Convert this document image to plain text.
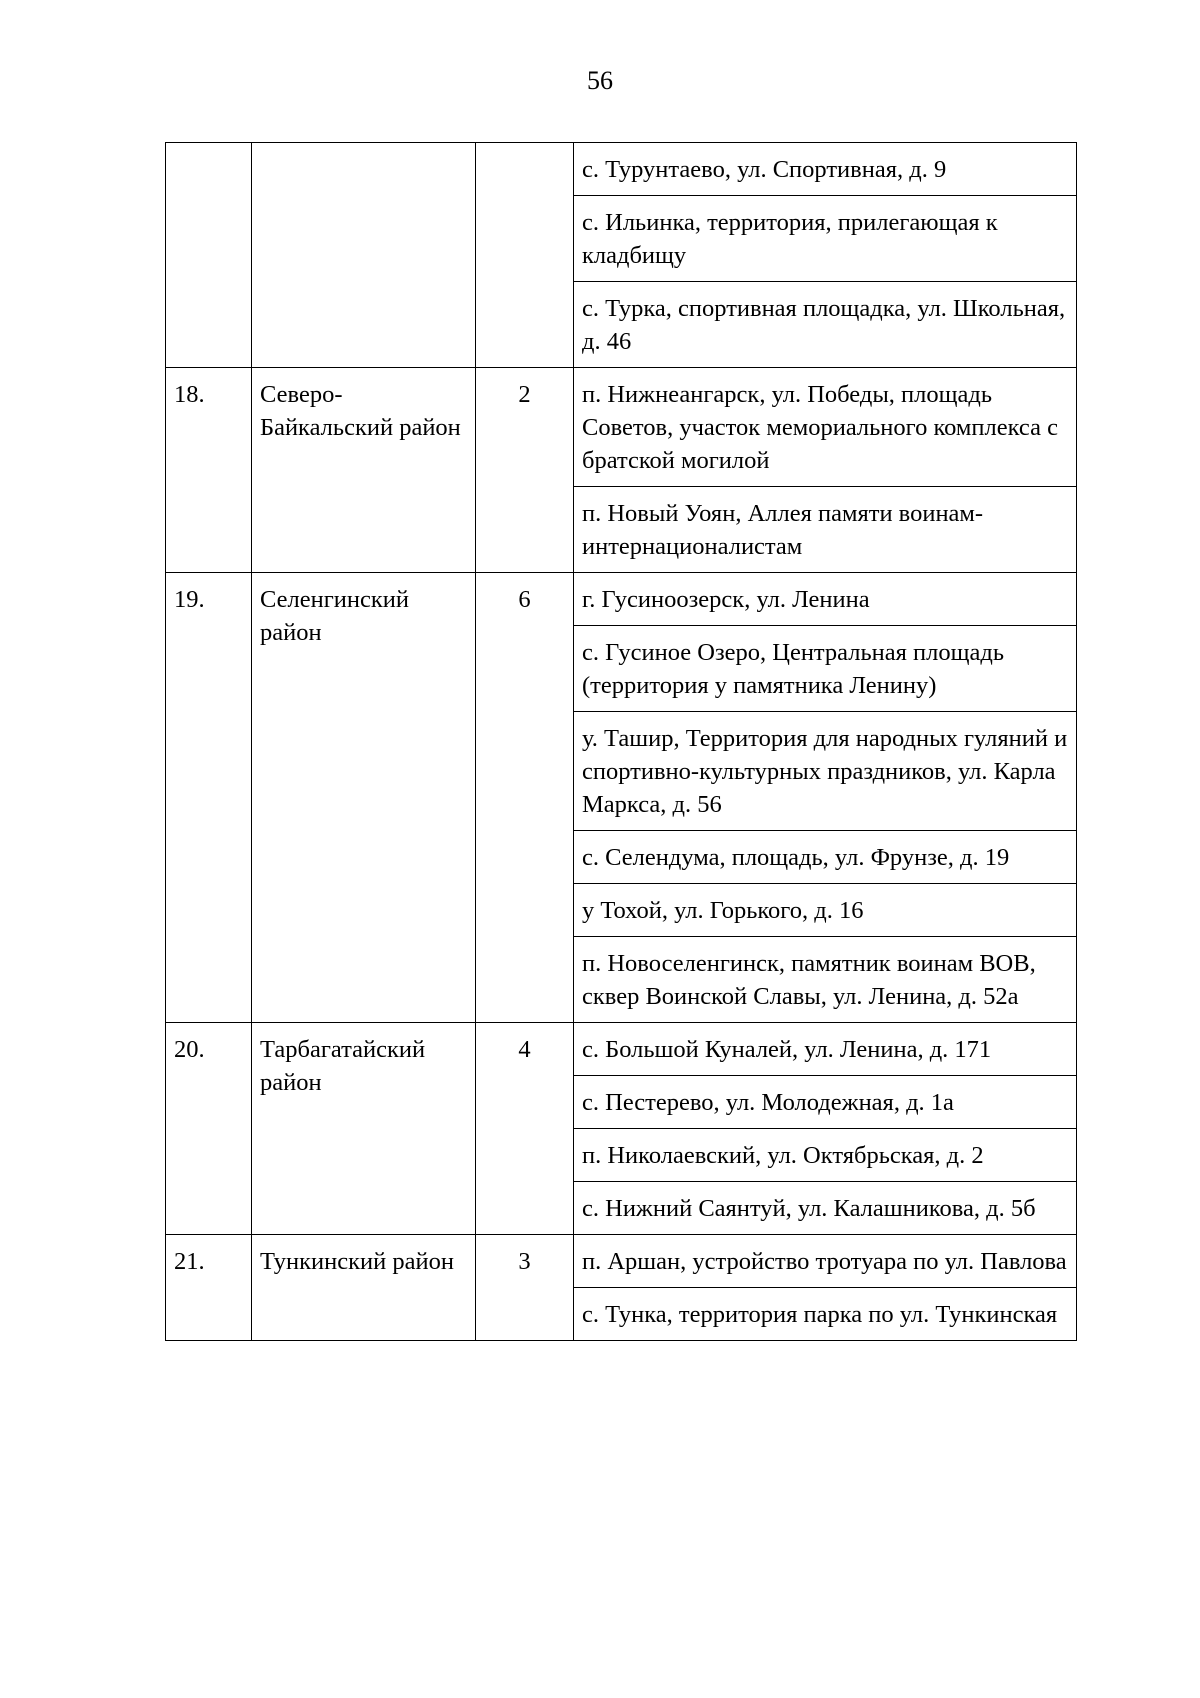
56
			с. Турунтаево, ул. Спортивная, д. 9
			с. Ильинка, территория, прилегающая к кладбищу
			с. Турка, спортивная площадка, ул. Школьная, д. 46
18.	Северо-Байкальский район	2	п. Нижнеангарск, ул. Победы, площадь Советов, участок мемориального комплекса с братской могилой
			п. Новый Уоян, Аллея памяти воинам-интернационалистам
19.	Селенгинский район	6	г. Гусиноозерск, ул. Ленина
			с. Гусиное Озеро, Центральная площадь (территория у памятника Ленину)
			у. Ташир, Территория для народных гуляний и спортивно-культурных праздников, ул. Карла Маркса, д. 56
			с. Селендума, площадь, ул. Фрунзе, д. 19
			у Тохой, ул. Горького, д. 16
			п. Новоселенгинск, памятник воинам ВОВ, сквер Воинской Славы, ул. Ленина, д. 52а
20.	Тарбагатайский район	4	с. Большой Куналей, ул. Ленина, д. 171
			с. Пестерево, ул. Молодежная, д. 1а
			п. Николаевский, ул. Октябрьская, д. 2
			с. Нижний Саянтуй, ул. Калашникова, д. 5б
21.	Тункинский район	3	п. Аршан, устройство тротуара по ул. Павлова
			с. Тунка, территория парка по ул. Тункинская
